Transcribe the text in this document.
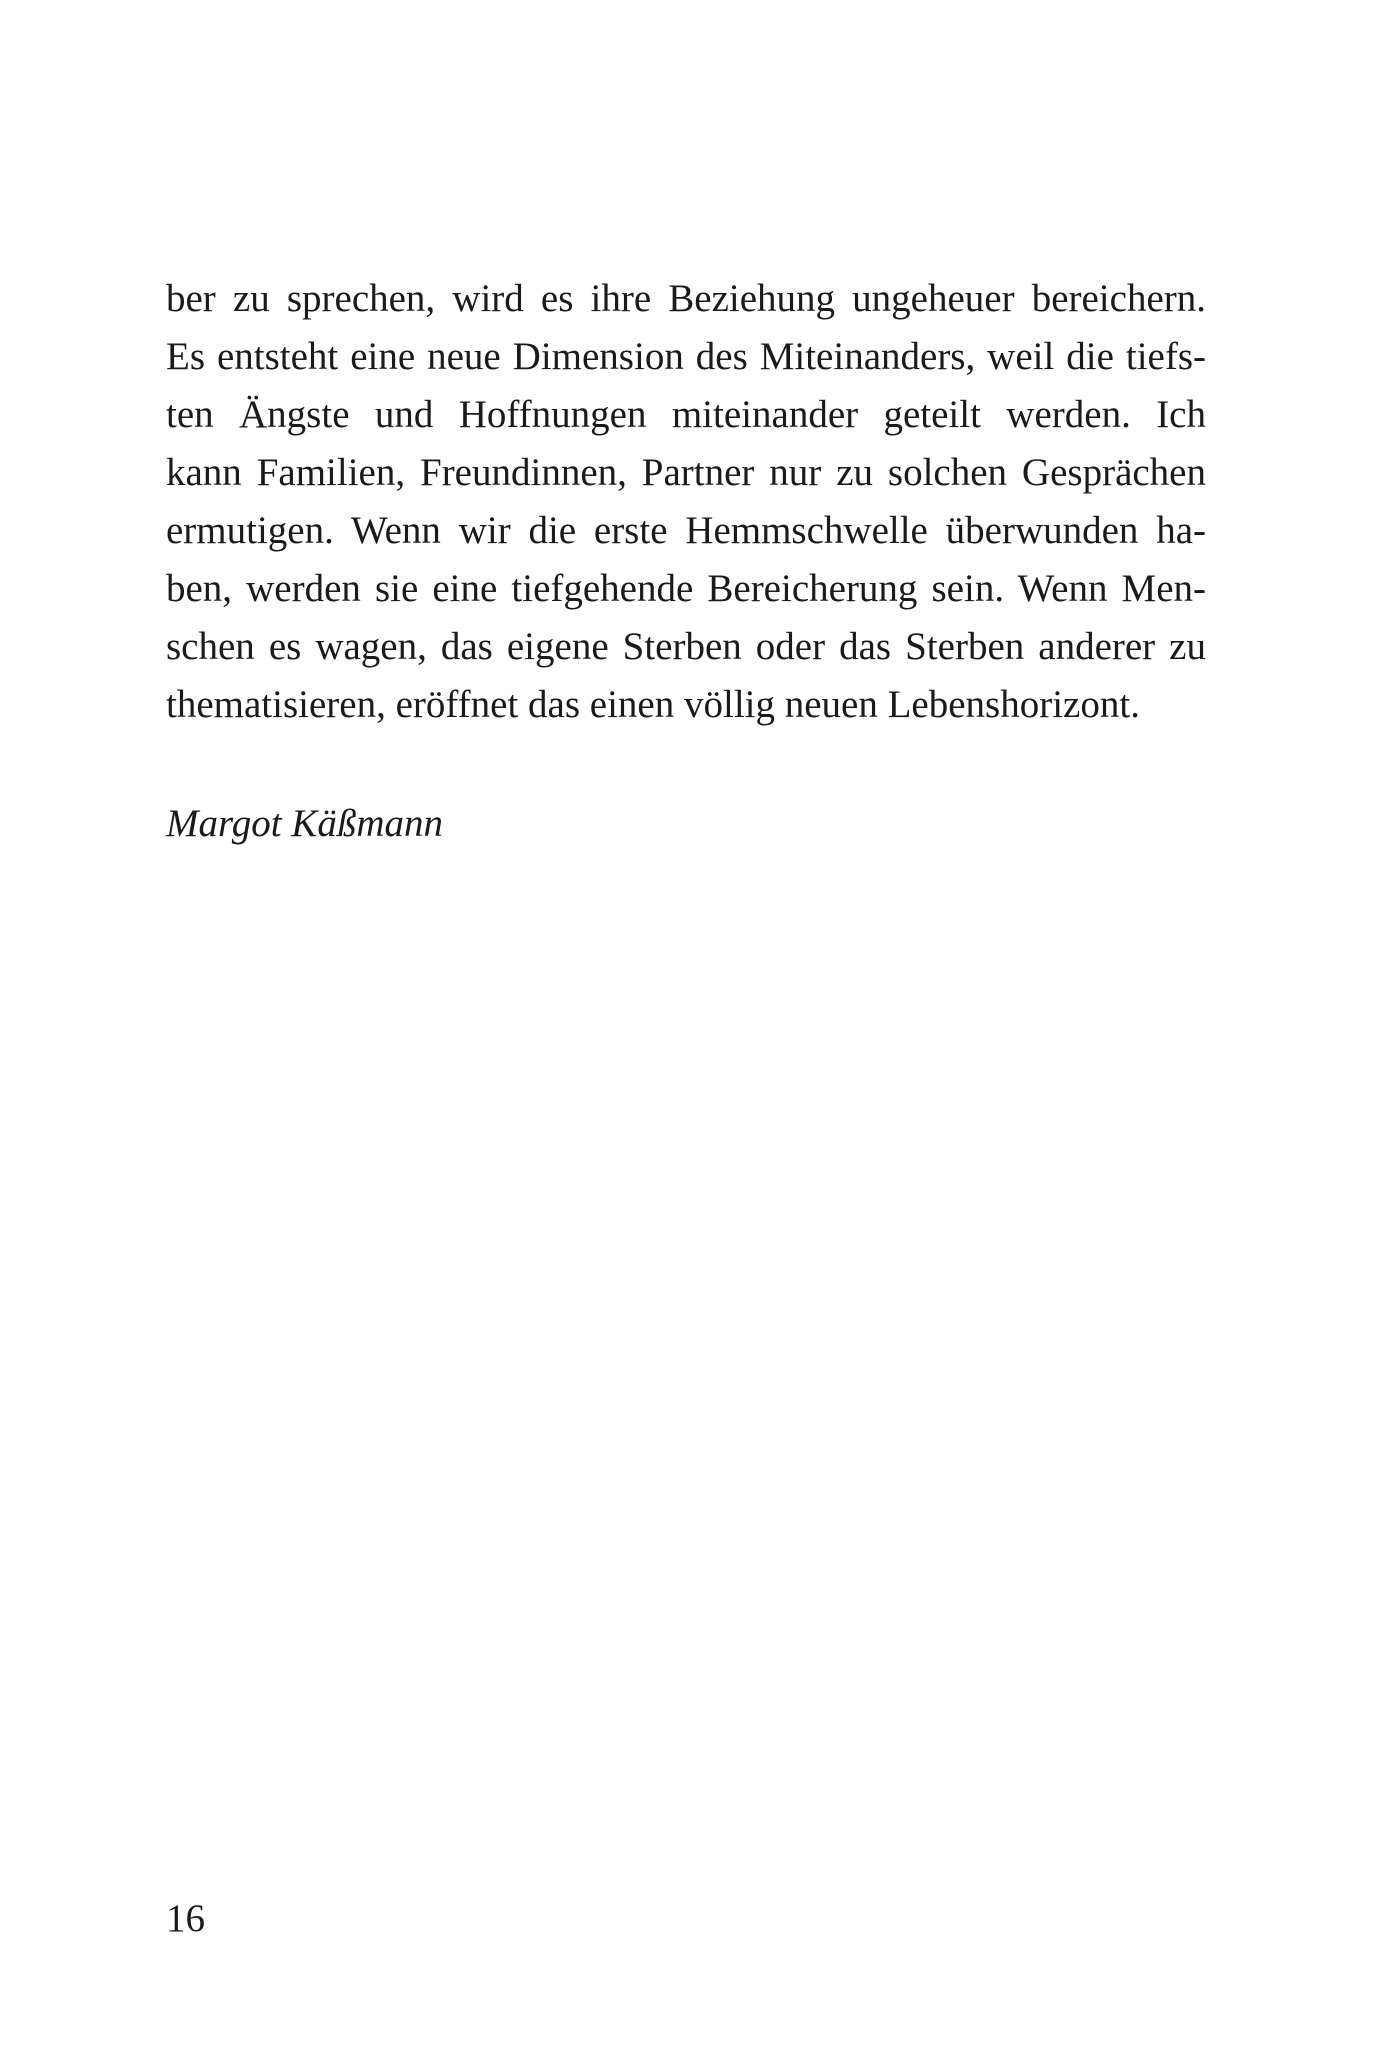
ber zu sprechen, wird es ihre Beziehung ungeheuer bereichern.
Es entsteht eine neue Dimension des Miteinanders, weil die tiefs-
ten Ängste und Hoffnungen miteinander geteilt werden. Ich
kann Familien, Freundinnen, Partner nur zu solchen Gesprächen
ermutigen. Wenn wir die erste Hemmschwelle überwunden ha-
ben, werden sie eine tiefgehende Bereicherung sein. Wenn Men-
schen es wagen, das eigene Sterben oder das Sterben anderer zu
thematisieren, eröffnet das einen völlig neuen Lebenshorizont.

Margot Käßmann

16
